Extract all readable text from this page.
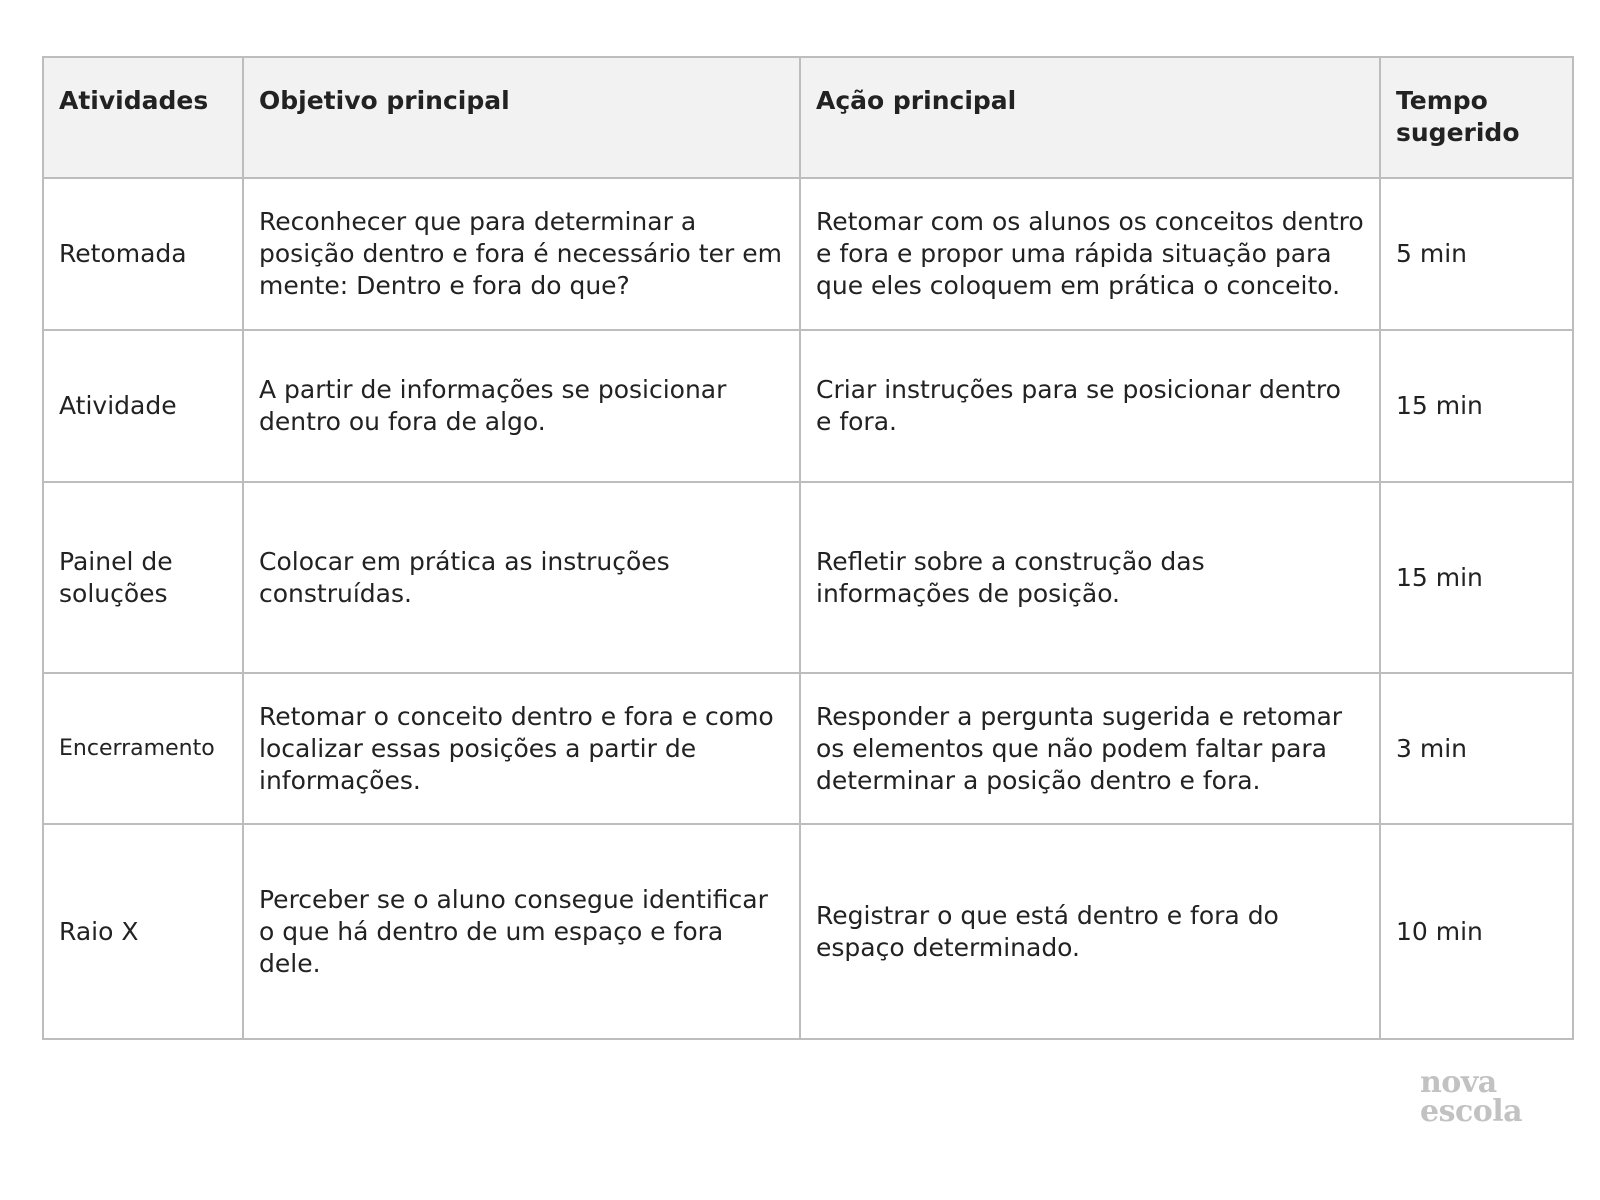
Atividades	Objetivo principal	Ação principal	Tempo sugerido
Retomada	Reconhecer que para determinar a posição dentro e fora é necessário ter em mente: Dentro e fora do que?	Retomar com os alunos os conceitos dentro e fora e propor uma rápida situação para que eles coloquem em prática o conceito.	5 min
Atividade	A partir de informações se posicionar dentro ou fora de algo.	Criar instruções para se posicionar dentro e fora.	15 min
Painel de soluções	Colocar em prática as instruções construídas.	Refletir sobre a construção das informações de posição.	15 min
Encerramento	Retomar o conceito dentro e fora e como localizar essas posições a partir de informações.	Responder a pergunta sugerida e retomar os elementos que não podem faltar para determinar a posição dentro e fora.	3 min
Raio X	Perceber se o aluno consegue identificar o que há dentro de um espaço e fora dele.	Registrar o que está dentro e fora do espaço determinado.	10 min
nova
escola
